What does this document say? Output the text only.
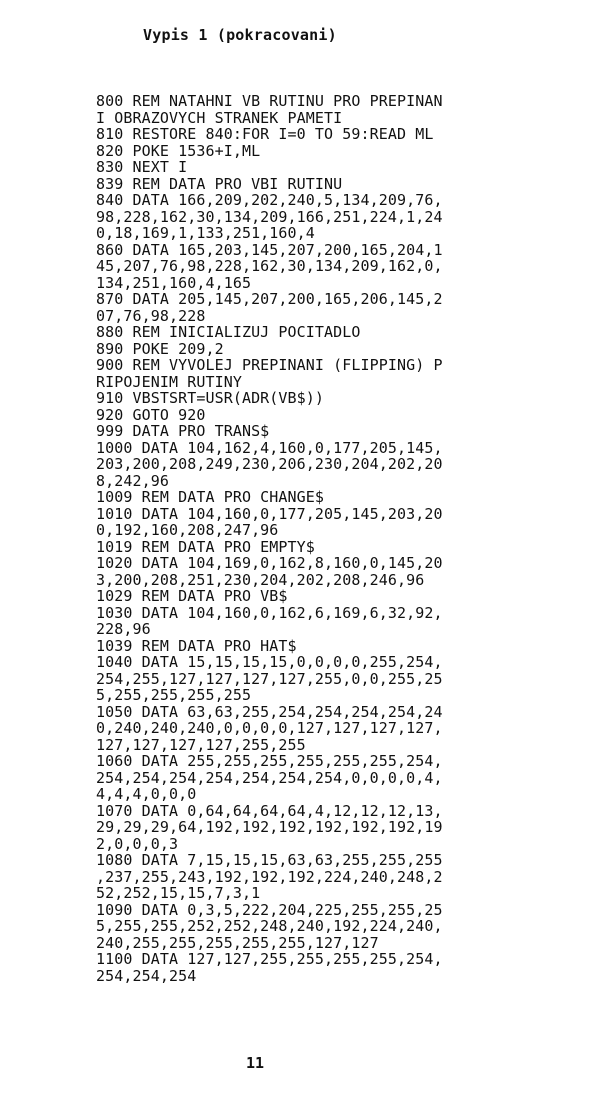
Vypis 1 (pokracovani)
800 REM NATAHNI VB RUTINU PRO PREPINAN
I OBRAZOVYCH STRANEK PAMETI
810 RESTORE 840:FOR I=0 TO 59:READ ML
820 POKE 1536+I,ML
830 NEXT I
839 REM DATA PRO VBI RUTINU
840 DATA 166,209,202,240,5,134,209,76,
98,228,162,30,134,209,166,251,224,1,24
0,18,169,1,133,251,160,4
860 DATA 165,203,145,207,200,165,204,1
45,207,76,98,228,162,30,134,209,162,0,
134,251,160,4,165
870 DATA 205,145,207,200,165,206,145,2
07,76,98,228
880 REM INICIALIZUJ POCITADLO
890 POKE 209,2
900 REM VYVOLEJ PREPINANI (FLIPPING) P
RIPOJENIM RUTINY
910 VBSTSRT=USR(ADR(VB$))
920 GOTO 920
999 DATA PRO TRANS$
1000 DATA 104,162,4,160,0,177,205,145,
203,200,208,249,230,206,230,204,202,20
8,242,96
1009 REM DATA PRO CHANGE$
1010 DATA 104,160,0,177,205,145,203,20
0,192,160,208,247,96
1019 REM DATA PRO EMPTY$
1020 DATA 104,169,0,162,8,160,0,145,20
3,200,208,251,230,204,202,208,246,96
1029 REM DATA PRO VB$
1030 DATA 104,160,0,162,6,169,6,32,92,
228,96
1039 REM DATA PRO HAT$
1040 DATA 15,15,15,15,0,0,0,0,255,254,
254,255,127,127,127,127,255,0,0,255,25
5,255,255,255,255
1050 DATA 63,63,255,254,254,254,254,24
0,240,240,240,0,0,0,0,127,127,127,127,
127,127,127,127,255,255
1060 DATA 255,255,255,255,255,255,254,
254,254,254,254,254,254,254,0,0,0,0,4,
4,4,4,0,0,0
1070 DATA 0,64,64,64,64,4,12,12,12,13,
29,29,29,64,192,192,192,192,192,192,19
2,0,0,0,3
1080 DATA 7,15,15,15,63,63,255,255,255
,237,255,243,192,192,192,224,240,248,2
52,252,15,15,7,3,1
1090 DATA 0,3,5,222,204,225,255,255,25
5,255,255,252,252,248,240,192,224,240,
240,255,255,255,255,255,127,127
1100 DATA 127,127,255,255,255,255,254,
254,254,254
11
